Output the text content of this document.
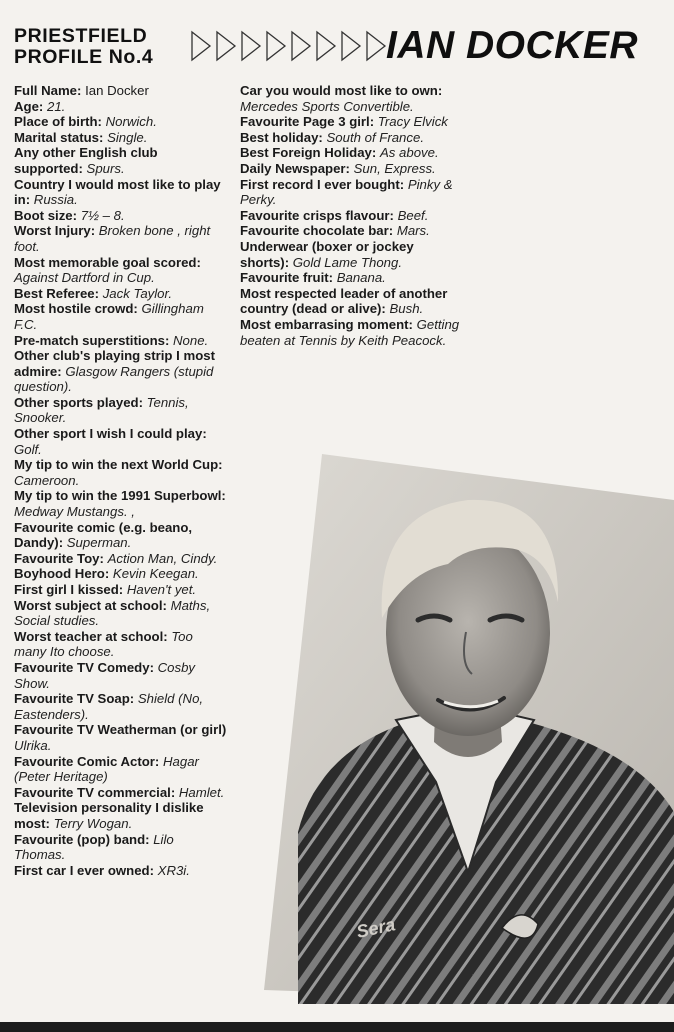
PRIESTFIELD
PROFILE No.4	IAN DOCKER

Full Name: Ian Docker

Age: 21.

Place of birth: Norwich.

Marital status: Single.

Any other English club supported: Spurs.

Country I would most like to play in: Russia.

Boot size: 7½ – 8.

Worst Injury: Broken bone , right foot.

Most memorable goal scored: Against Dartford in Cup.

Best Referee: Jack Taylor.

Most hostile crowd: Gillingham F.C.

Pre-match superstitions: None.

Other club's playing strip I most admire: Glasgow Rangers (stupid question).

Other sports played: Tennis, Snooker.

Other sport I wish I could play: Golf.

My tip to win the next World Cup: Cameroon.

My tip to win the 1991 Superbowl: Medway Mustangs. ,

Favourite comic (e.g. beano, Dandy): Superman.

Favourite Toy: Action Man, Cindy.

Boyhood Hero: Kevin Keegan.

First girl I kissed: Haven't yet.

Worst subject at school: Maths, Social studies.

Worst teacher at school: Too many Ito choose.

Favourite TV Comedy: Cosby Show.

Favourite TV Soap: Shield (No, Eastenders).

Favourite TV Weatherman (or girl) Ulrika.

Favourite Comic Actor: Hagar (Peter Heritage)

Favourite TV commercial: Hamlet.

Television personality I dislike most: Terry Wogan.

Favourite (pop) band: Lilo Thomas.

First car I ever owned: XR3i.

Car you would most like to own: Mercedes Sports Convertible.

Favourite Page 3 girl: Tracy Elvick

Best holiday: South of France.

Best Foreign Holiday: As above.

Daily Newspaper: Sun, Express.

First record I ever bought: Pinky & Perky.

Favourite crisps flavour: Beef.

Favourite chocolate bar: Mars.

Underwear (boxer or jockey shorts): Gold Lame Thong.

Favourite fruit: Banana.

Most respected leader of another country (dead or alive): Bush.

Most embarrasing moment: Getting beaten at Tennis by Keith Peacock.

Sera
